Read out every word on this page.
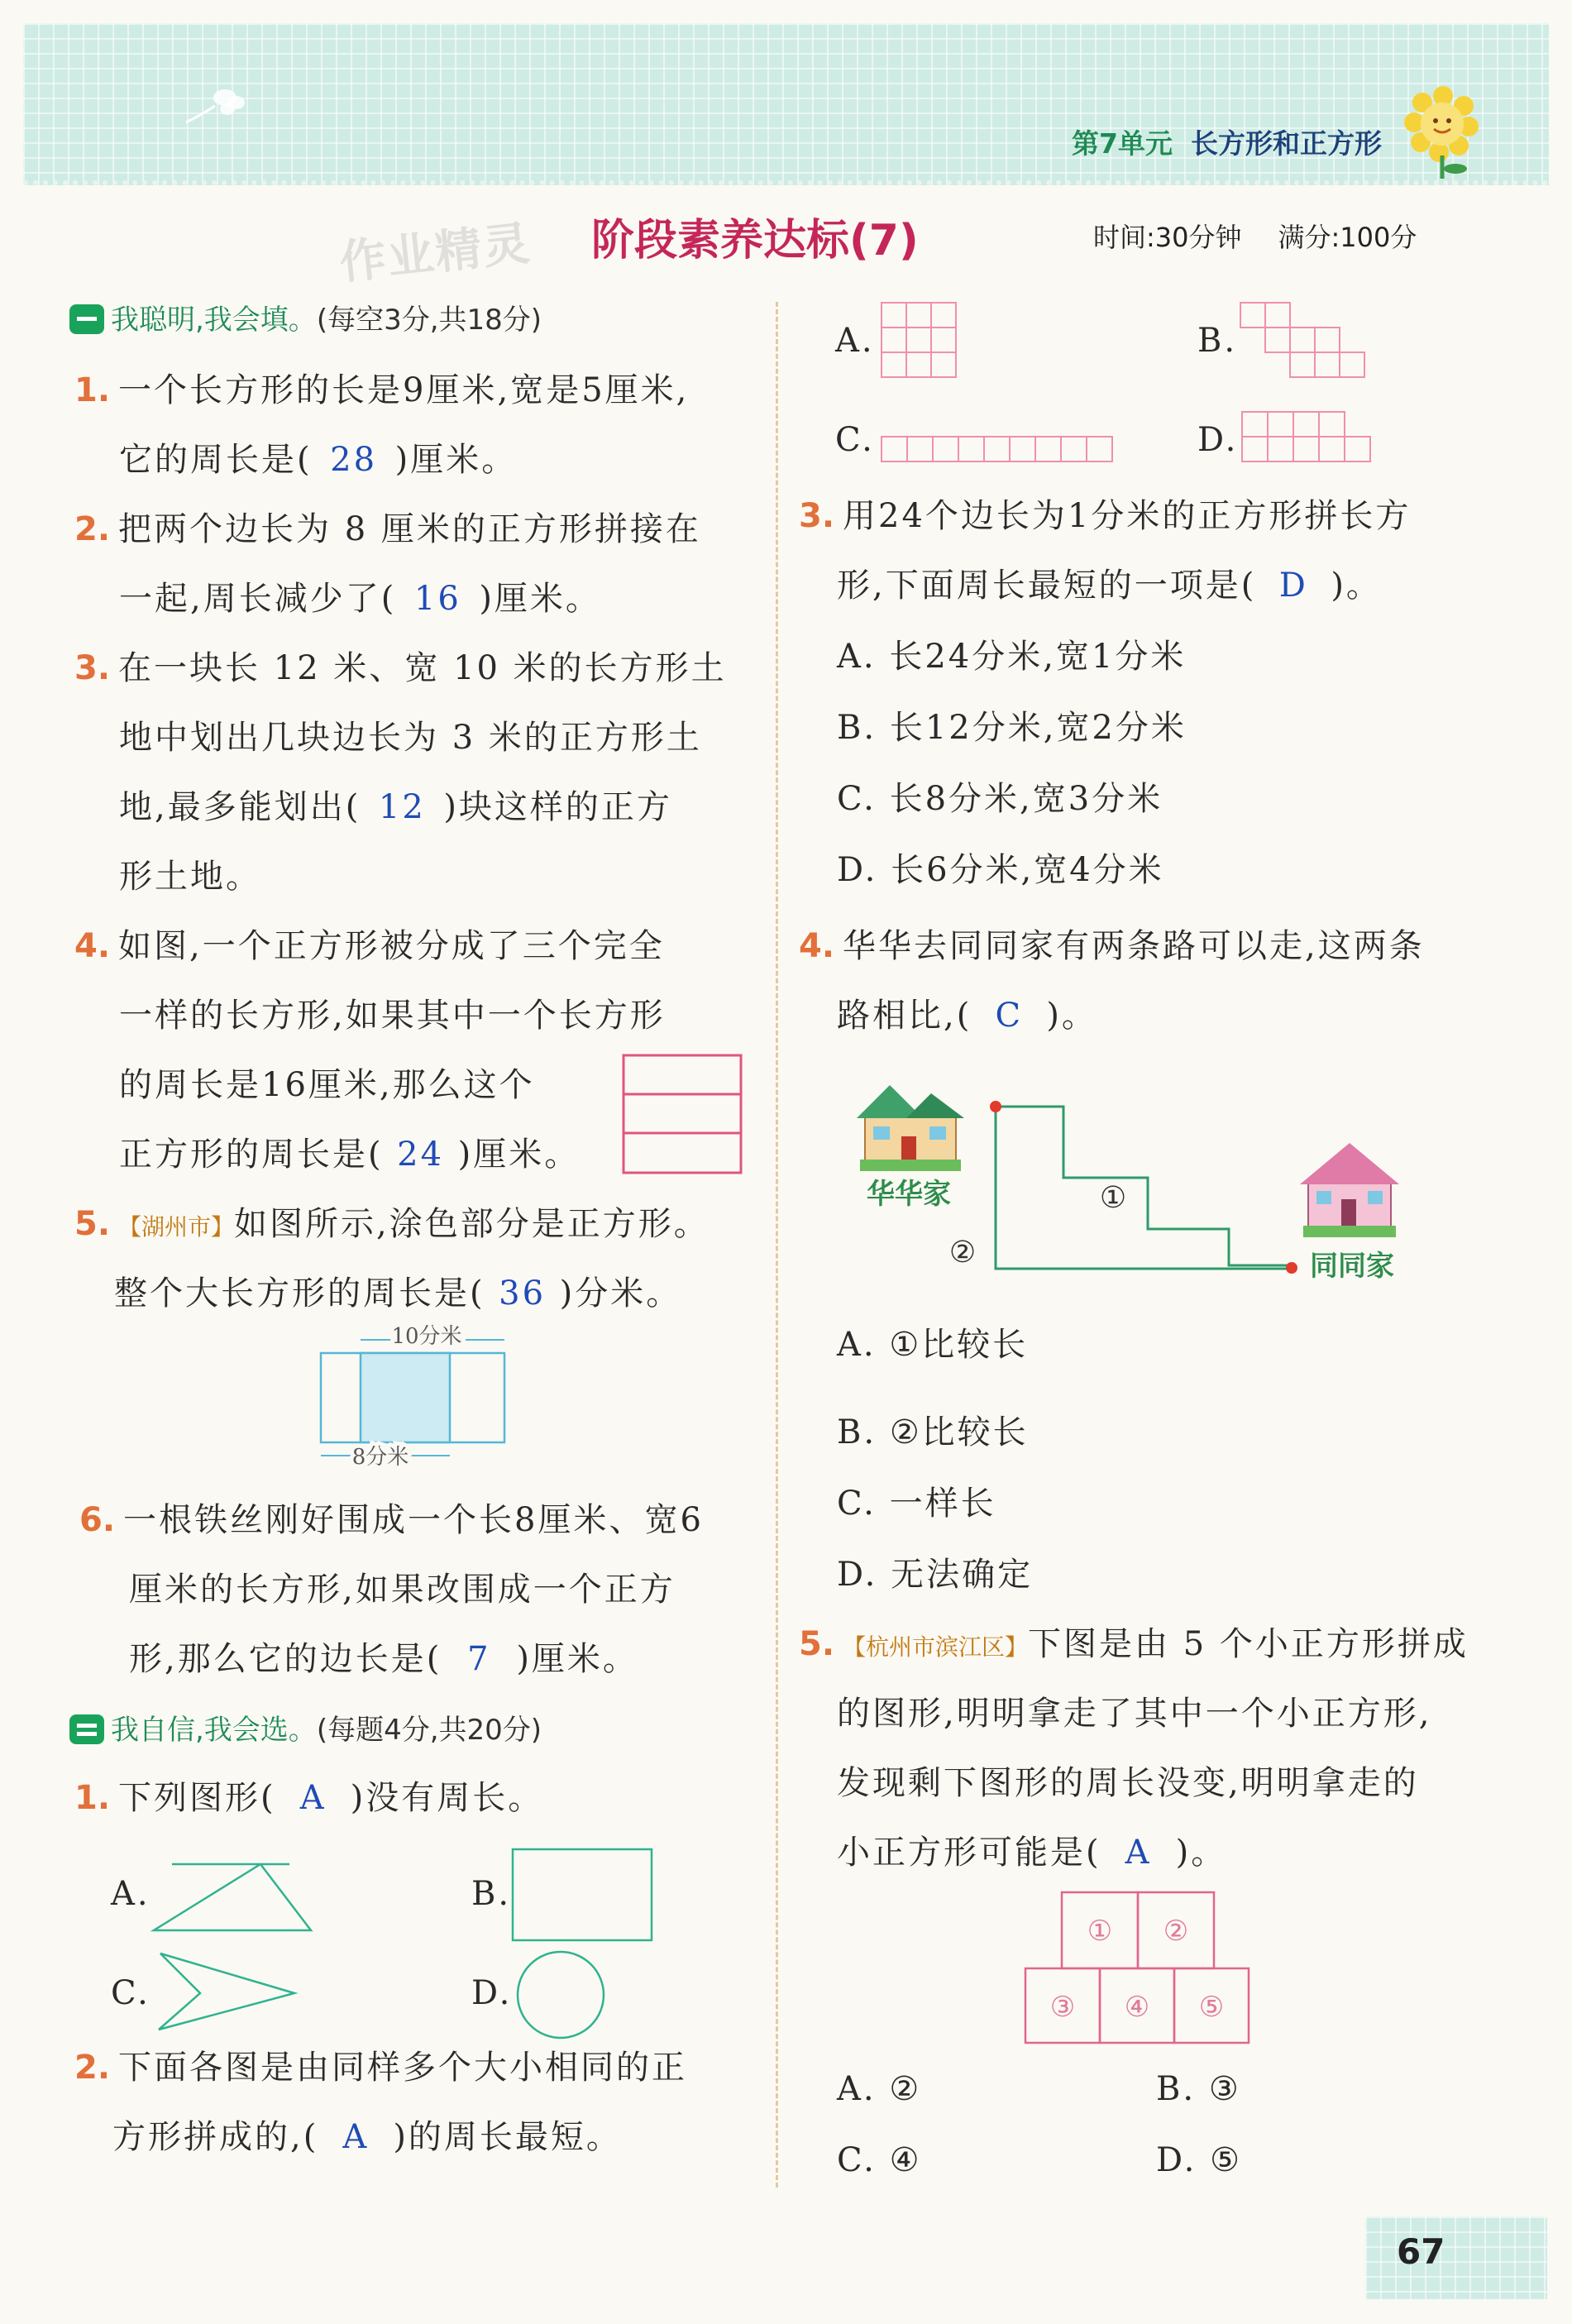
第7单元 长方形和正方形
作业精灵 阶段素养达标(7)	时间:30分钟 满分:100分
我聪明,我会填。(每空3分,共18分)
1. 一个长方形的长是9厘米,宽是5厘米,
它的周长是( 28 )厘米。
2. 把两个边长为 8 厘米的正方形拼接在
一起,周长减少了( 16 )厘米。
3. 在一块长 12 米、宽 10 米的长方形土
地中划出几块边长为 3 米的正方形土
地,最多能划出( 12 )块这样的正方
形土地。
4. 如图,一个正方形被分成了三个完全
一样的长方形,如果其中一个长方形
的周长是16厘米,那么这个
正方形的周长是( 24 )厘米。
5. 【湖州市】如图所示,涂色部分是正方形。
整个大长方形的周长是( 36 )分米。
10分米
8分米
6. 一根铁丝刚好围成一个长8厘米、宽6
厘米的长方形,如果改围成一个正方
形,那么它的边长是( 7 )厘米。
我自信,我会选。(每题4分,共20分)
1. 下列图形( A )没有周长。
A.	B.
C.	D.
2. 下面各图是由同样多个大小相同的正
方形拼成的,( A )的周长最短。
A.	B.
C.	D.
3. 用24个边长为1分米的正方形拼长方
形,下面周长最短的一项是( D )。
A. 长24分米,宽1分米
B. 长12分米,宽2分米
C. 长8分米,宽3分米
D. 长6分米,宽4分米
4. 华华去同同家有两条路可以走,这两条
路相比,( C )。
华华家	①
②	同同家
A. ①比较长
B. ②比较长
C. 一样长
D. 无法确定
5. 【杭州市滨江区】下图是由 5 个小正方形拼成
的图形,明明拿走了其中一个小正方形,
发现剩下图形的周长没变,明明拿走的
小正方形可能是( A )。
① ②
③ ④ ⑤
A. ②	B. ③
C. ④	D. ⑤
67
